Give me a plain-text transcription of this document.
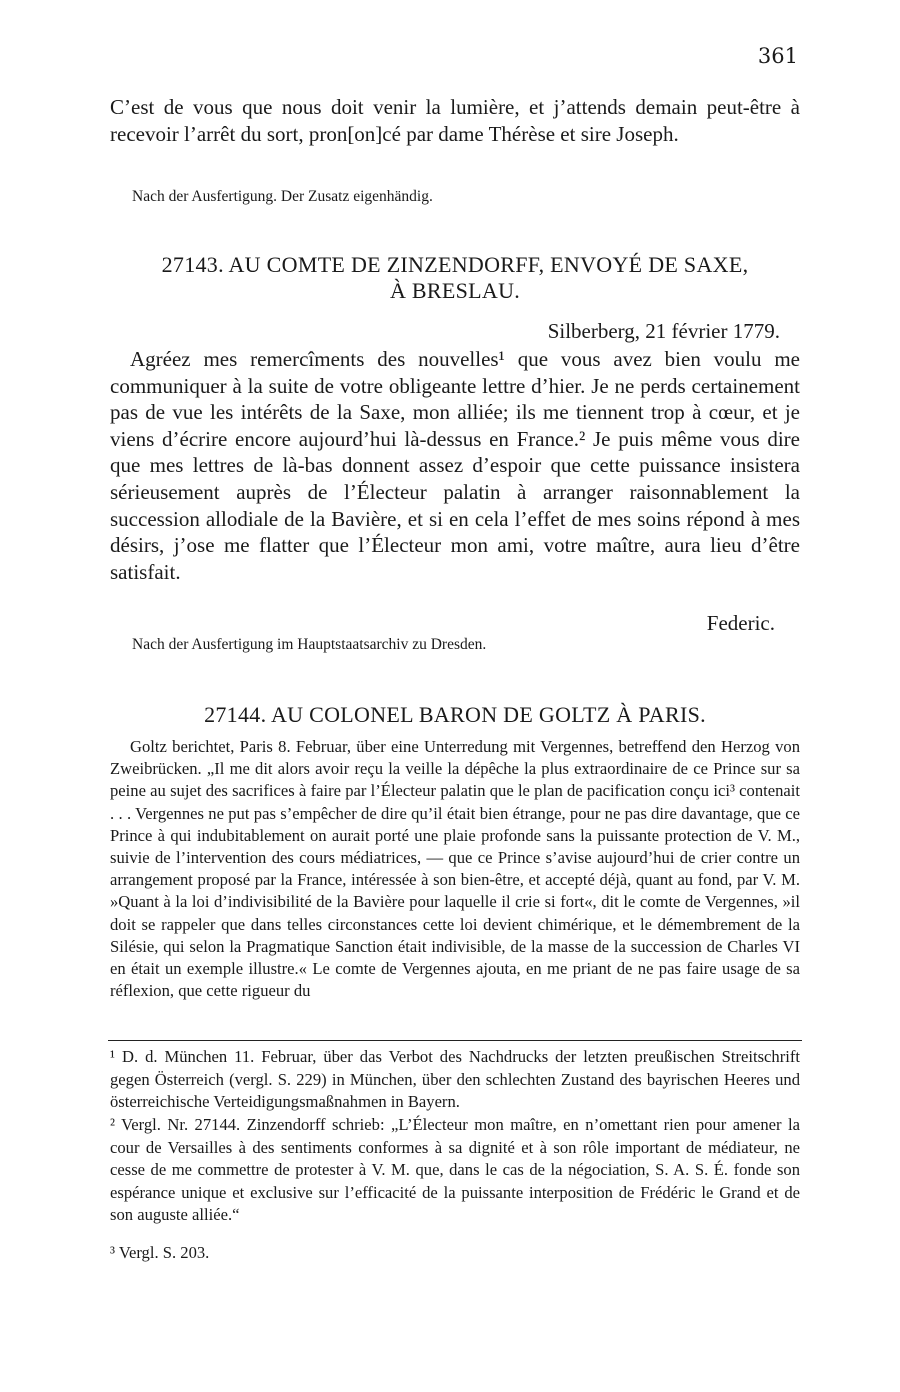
361

C’est de vous que nous doit venir la lumière, et j’attends demain peut-être à recevoir l’arrêt du sort, pron[on]cé par dame Thérèse et sire Joseph.

Nach der Ausfertigung. Der Zusatz eigenhändig.

27143. AU COMTE DE ZINZENDORFF, ENVOYÉ DE SAXE,

À BRESLAU.

Silberberg, 21 février 1779.

Agréez mes remercîments des nouvelles¹ que vous avez bien voulu me communiquer à la suite de votre obligeante lettre d’hier. Je ne perds certainement pas de vue les intérêts de la Saxe, mon alliée; ils me tiennent trop à cœur, et je viens d’écrire encore aujourd’hui là-dessus en France.² Je puis même vous dire que mes lettres de là-bas donnent assez d’espoir que cette puissance insistera sérieusement auprès de l’Électeur palatin à arranger raisonnablement la succession allodiale de la Bavière, et si en cela l’effet de mes soins répond à mes désirs, j’ose me flatter que l’Électeur mon ami, votre maître, aura lieu d’être satisfait.

Federic.

Nach der Ausfertigung im Hauptstaatsarchiv zu Dresden.

27144. AU COLONEL BARON DE GOLTZ À PARIS.

Goltz berichtet, Paris 8. Februar, über eine Unterredung mit Vergennes, betreffend den Herzog von Zweibrücken. „Il me dit alors avoir reçu la veille la dépêche la plus extraordinaire de ce Prince sur sa peine au sujet des sacrifices à faire par l’Électeur palatin que le plan de pacification conçu ici³ contenait . . . Vergennes ne put pas s’empêcher de dire qu’il était bien étrange, pour ne pas dire davantage, que ce Prince à qui indubitablement on aurait porté une plaie profonde sans la puissante protection de V. M., suivie de l’intervention des cours médiatrices, — que ce Prince s’avise aujourd’hui de crier contre un arrangement proposé par la France, intéressée à son bien-être, et accepté déjà, quant au fond, par V. M. »Quant à la loi d’indivisibilité de la Bavière pour laquelle il crie si fort«, dit le comte de Vergennes, »il doit se rappeler que dans telles circonstances cette loi devient chimérique, et le démembrement de la Silésie, qui selon la Pragmatique Sanction était indivisible, de la masse de la succession de Charles VI en était un exemple illustre.« Le comte de Vergennes ajouta, en me priant de ne pas faire usage de sa réflexion, que cette rigueur du

¹ D. d. München 11. Februar, über das Verbot des Nachdrucks der letzten preußischen Streitschrift gegen Österreich (vergl. S. 229) in München, über den schlechten Zustand des bayrischen Heeres und österreichische Verteidigungsmaßnahmen in Bayern.

² Vergl. Nr. 27144. Zinzendorff schrieb: „L’Électeur mon maître, en n’omettant rien pour amener la cour de Versailles à des sentiments conformes à sa dignité et à son rôle important de médiateur, ne cesse de me commettre de protester à V. M. que, dans le cas de la négociation, S. A. S. É. fonde son espérance unique et exclusive sur l’efficacité de la puissante interposition de Frédéric le Grand et de son auguste alliée.“

³ Vergl. S. 203.
